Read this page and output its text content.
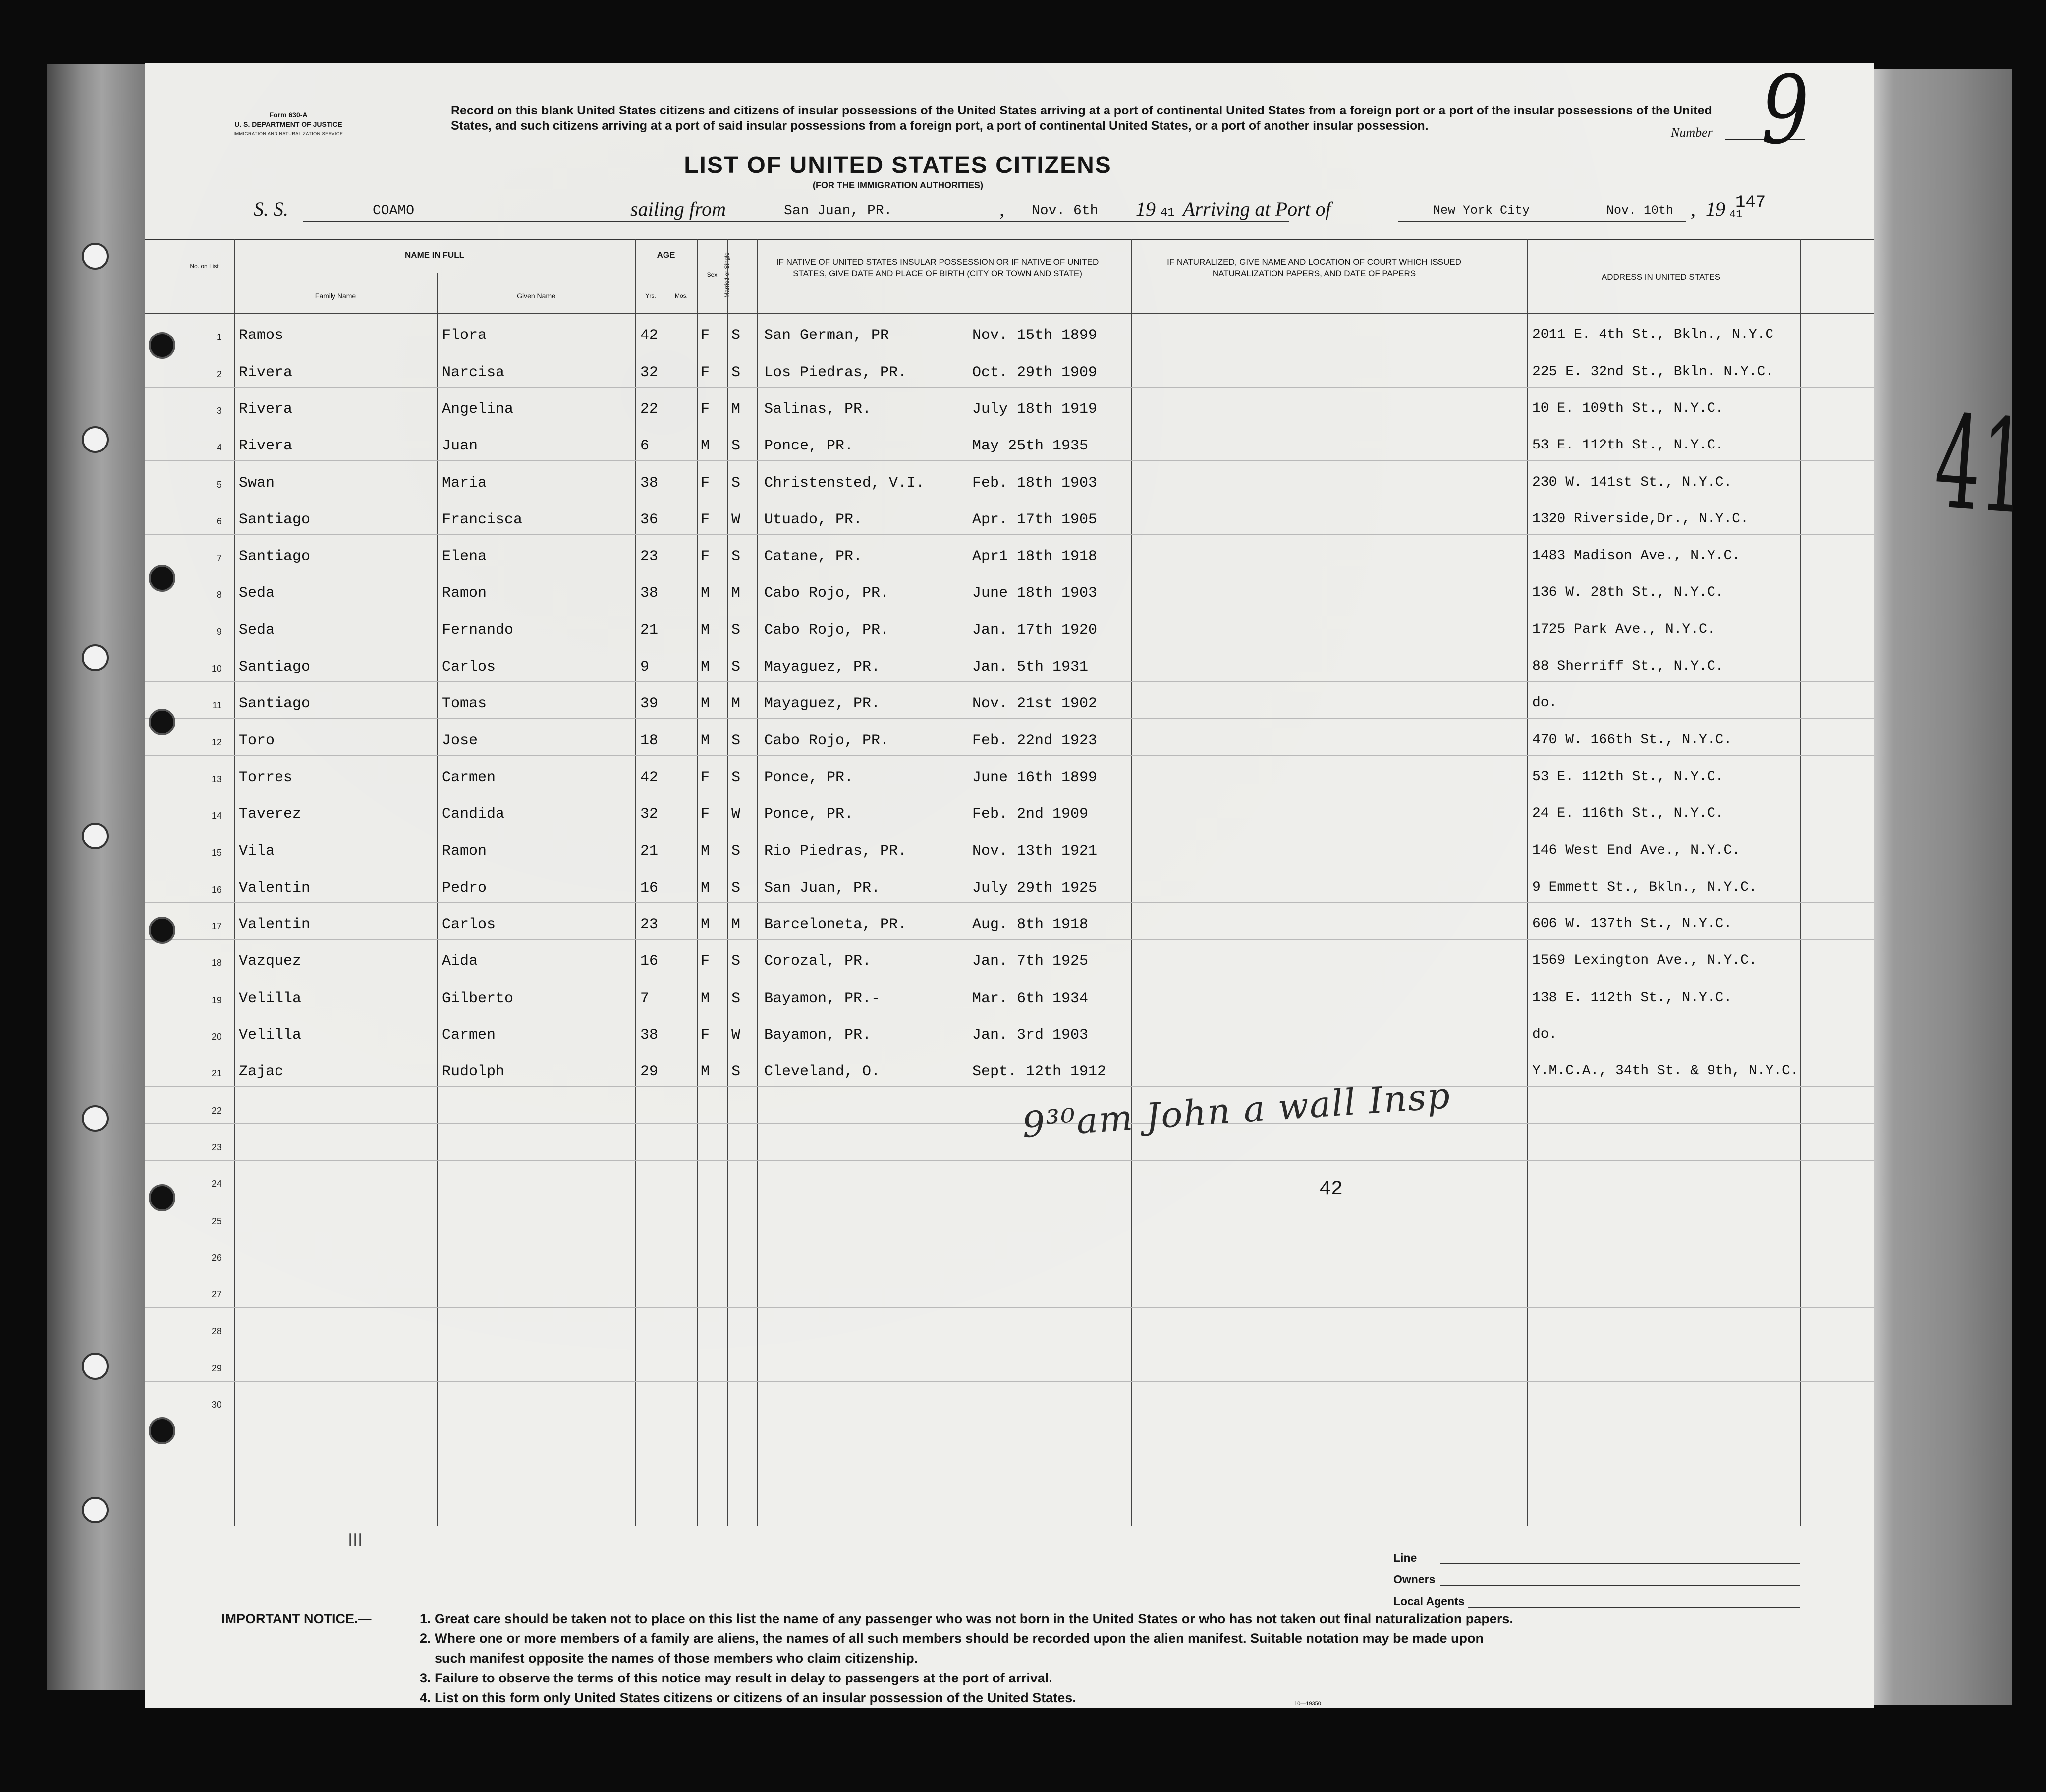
Form 630-A
U. S. DEPARTMENT OF JUSTICE
IMMIGRATION AND NATURALIZATION SERVICE
Record on this blank United States citizens and citizens of insular possessions of the United States arriving at a port of continental United States from a foreign port or a port of the insular possessions of the United States, and such citizens arriving at a port of said insular possessions from a foreign port, a port of continental United States, or a port of another insular possession.	Number 9
LIST OF UNITED STATES CITIZENS
(FOR THE IMMIGRATION AUTHORITIES)
S. S.	COAMO	sailing from	San Juan, PR.	, Nov. 6th 19 41 Arriving at Port of	New York City	Nov. 10th , 19 41
147
No. on List
NAME IN FULL
Family Name	Given Name
AGE
Yrs.	Mos.
Sex	Married or Single	IF NATIVE OF UNITED STATES INSULAR POSSESSION OR IF NATIVE OF UNITED STATES, GIVE DATE AND PLACE OF BIRTH (CITY OR TOWN AND STATE)
IF NATURALIZED, GIVE NAME AND LOCATION OF COURT WHICH ISSUED NATURALIZATION PAPERS, AND DATE OF PAPERS	ADDRESS IN UNITED STATES
1 Ramos	Flora	42	F S San German, PR	Nov. 15th 1899	2011 E. 4th St., Bkln., N.Y.C
2 Rivera	Narcisa	32	F S Los Piedras, PR.	Oct. 29th 1909	225 E. 32nd St., Bkln. N.Y.C.
3 Rivera	Angelina	22	F M Salinas, PR.	July 18th 1919	10 E. 109th St., N.Y.C.
4 Rivera	Juan	6	M S Ponce, PR.	May 25th 1935	53 E. 112th St., N.Y.C.
5 Swan	Maria	38	F S Christensted, V.I.	Feb. 18th 1903	230 W. 141st St., N.Y.C.
6 Santiago	Francisca	36	F W Utuado, PR.	Apr. 17th 1905	1320 Riverside,Dr., N.Y.C.
7 Santiago	Elena	23	F S Catane, PR.	Apr1 18th 1918	1483 Madison Ave., N.Y.C.
8 Seda	Ramon	38	M M Cabo Rojo, PR.	June 18th 1903	136 W. 28th St., N.Y.C.
9 Seda	Fernando	21	M S Cabo Rojo, PR.	Jan. 17th 1920	1725 Park Ave., N.Y.C.
10 Santiago	Carlos	9	M S Mayaguez, PR.	Jan. 5th 1931	88 Sherriff St., N.Y.C.
11 Santiago	Tomas	39	M M Mayaguez, PR.	Nov. 21st 1902	do.
12 Toro	Jose	18	M S Cabo Rojo, PR.	Feb. 22nd 1923	470 W. 166th St., N.Y.C.
13 Torres	Carmen	42	F S Ponce, PR.	June 16th 1899	53 E. 112th St., N.Y.C.
14 Taverez	Candida	32	F W Ponce, PR.	Feb. 2nd 1909	24 E. 116th St., N.Y.C.
15 Vila	Ramon	21	M S Rio Piedras, PR.	Nov. 13th 1921	146 West End Ave., N.Y.C.
16 Valentin	Pedro	16	M S San Juan, PR.	July 29th 1925	9 Emmett St., Bkln., N.Y.C.
17 Valentin	Carlos	23	M M Barceloneta, PR.	Aug. 8th 1918	606 W. 137th St., N.Y.C.
18 Vazquez	Aida	16	F S Corozal, PR.	Jan. 7th 1925	1569 Lexington Ave., N.Y.C.
19 Velilla	Gilberto	7	M S Bayamon, PR.-	Mar. 6th 1934	138 E. 112th St., N.Y.C.
20 Velilla	Carmen	38	F W Bayamon, PR.	Jan. 3rd 1903	do.
21 Zajac	Rudolph	29	M S Cleveland, O.	Sept. 12th 1912	Y.M.C.A., 34th St. & 9th, N.Y.C.
22
23
24
25
26
27
28
29
30
9³⁰am John a wall Insp
42
III
41
Line
Owners
Local Agents
IMPORTANT NOTICE.—	1. Great care should be taken not to place on this list the name of any passenger who was not born in the United States or who has not taken out final naturalization papers.
2. Where one or more members of a family are aliens, the names of all such members should be recorded upon the alien manifest. Suitable notation may be made upon
such manifest opposite the names of those members who claim citizenship.
3. Failure to observe the terms of this notice may result in delay to passengers at the port of arrival.
4. List on this form only United States citizens or citizens of an insular possession of the United States.	10—19350
